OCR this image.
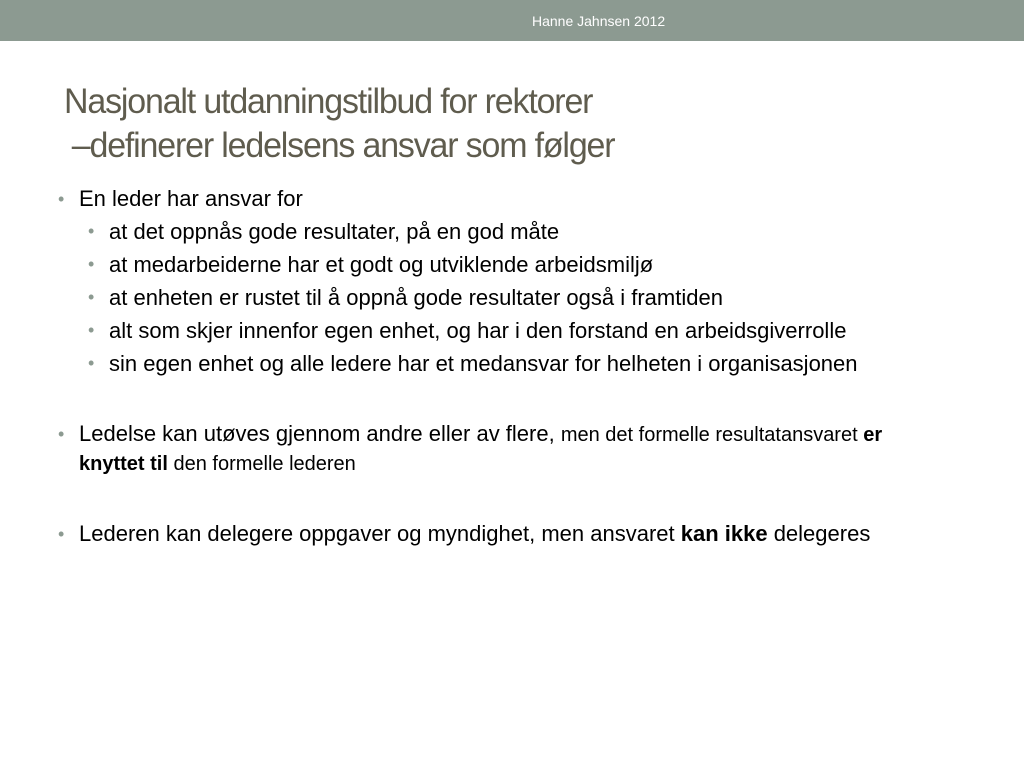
Hanne Jahnsen 2012
Nasjonalt utdanningstilbud for rektorer
–definerer ledelsens ansvar som følger
• En leder har ansvar for
• at det oppnås gode resultater, på en god måte
• at medarbeiderne har et godt og utviklende arbeidsmiljø
• at enheten er rustet til å oppnå gode resultater også i framtiden
• alt som skjer innenfor egen enhet, og har i den forstand en arbeidsgiverrolle
• sin egen enhet og alle ledere har et medansvar for helheten i organisasjonen
• Ledelse kan utøves gjennom andre eller av flere, men det formelle resultatansvaret er knyttet til den formelle lederen
• Lederen kan delegere oppgaver og myndighet, men ansvaret kan ikke delegeres
